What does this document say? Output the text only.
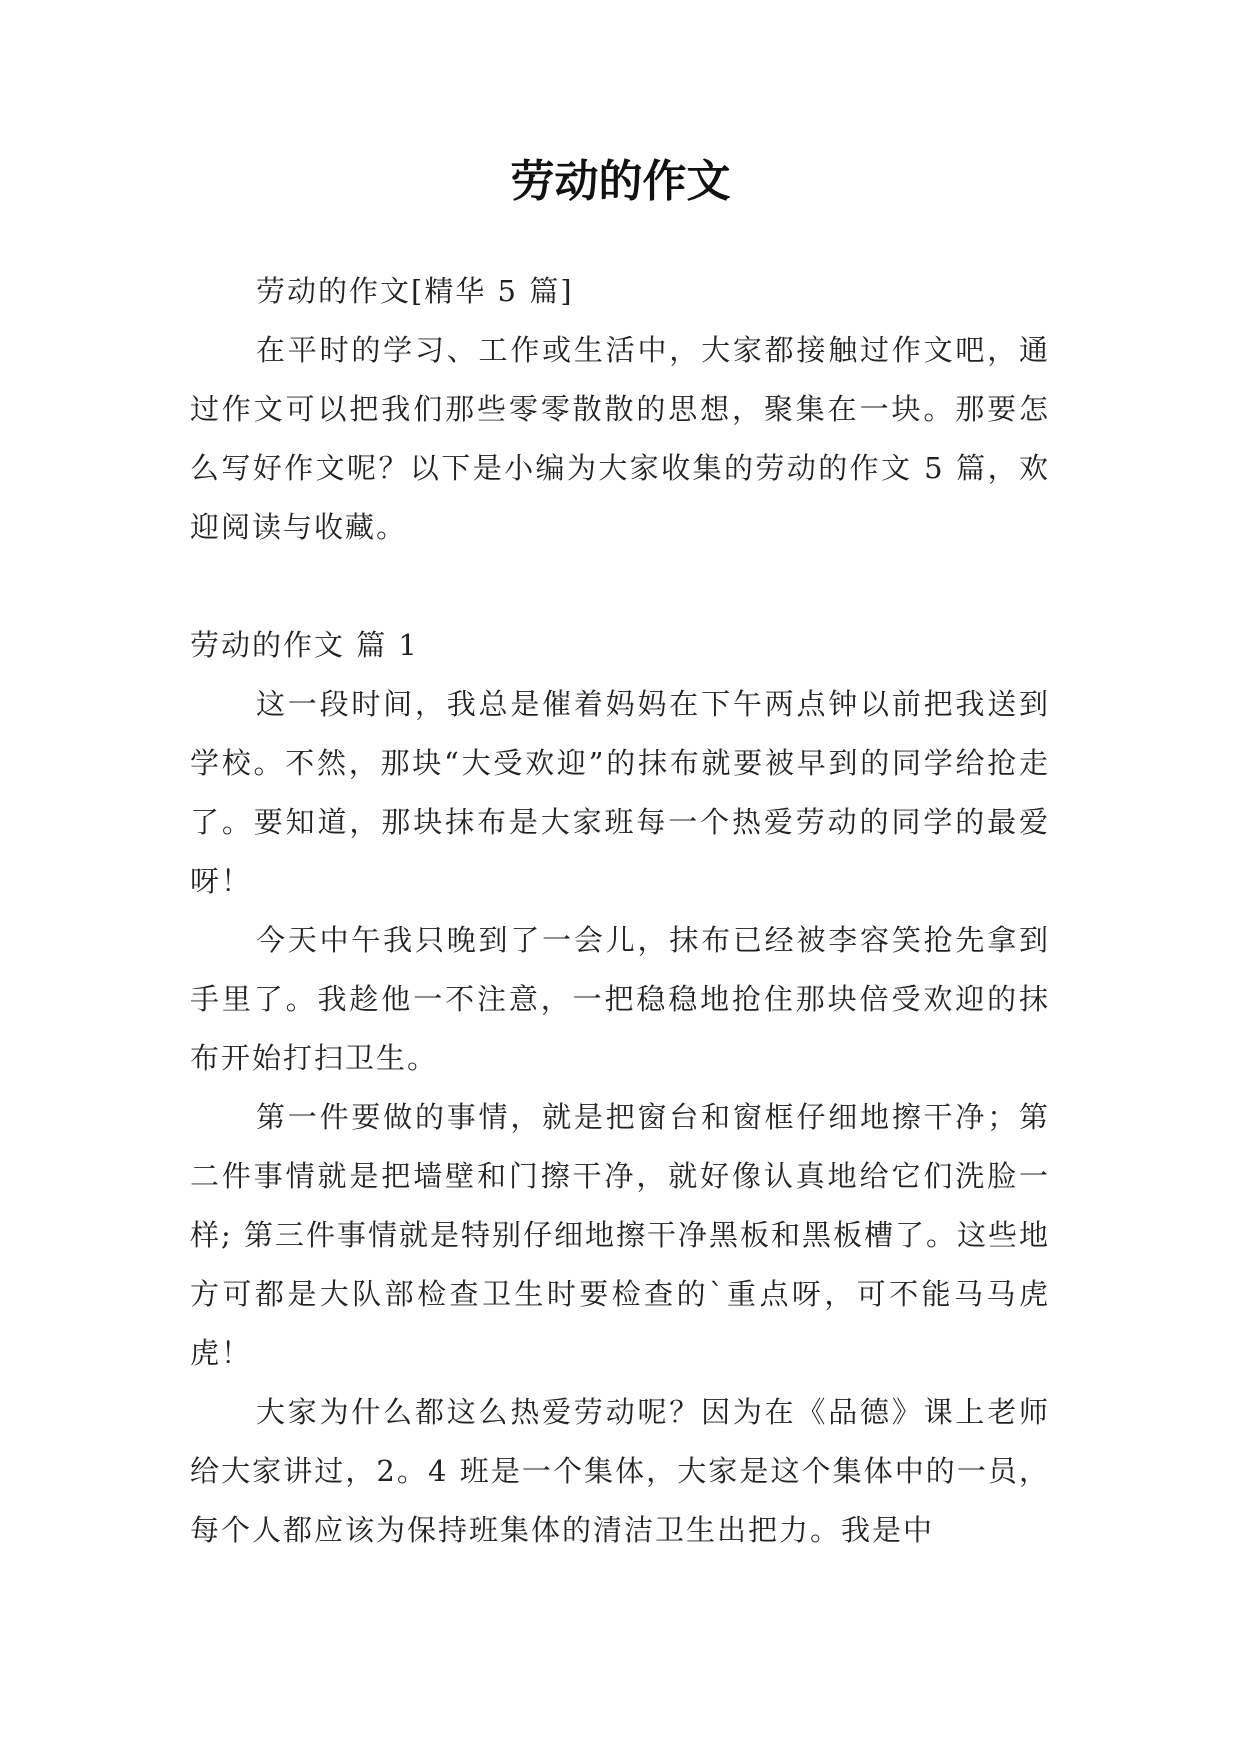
劳动的作文

劳动的作文[精华 5 篇]

在平时的学习、工作或生活中，大家都接触过作文吧，通过作文可以把我们那些零零散散的思想，聚集在一块。那要怎么写好作文呢？以下是小编为大家收集的劳动的作文 5 篇，欢迎阅读与收藏。

劳动的作文 篇 1

这一段时间，我总是催着妈妈在下午两点钟以前把我送到学校。不然，那块“大受欢迎”的抹布就要被早到的同学给抢走了。要知道，那块抹布是大家班每一个热爱劳动的同学的最爱呀！

今天中午我只晚到了一会儿，抹布已经被李容笑抢先拿到手里了。我趁他一不注意，一把稳稳地抢住那块倍受欢迎的抹布开始打扫卫生。

第一件要做的事情，就是把窗台和窗框仔细地擦干净；第二件事情就是把墙壁和门擦干净，就好像认真地给它们洗脸一样; 第三件事情就是特别仔细地擦干净黑板和黑板槽了。这些地方可都是大队部检查卫生时要检查的`重点呀，可不能马马虎虎！

大家为什么都这么热爱劳动呢？因为在《品德》课上老师给大家讲过，2。4 班是一个集体，大家是这个集体中的一员，每个人都应该为保持班集体的清洁卫生出把力。我是中
